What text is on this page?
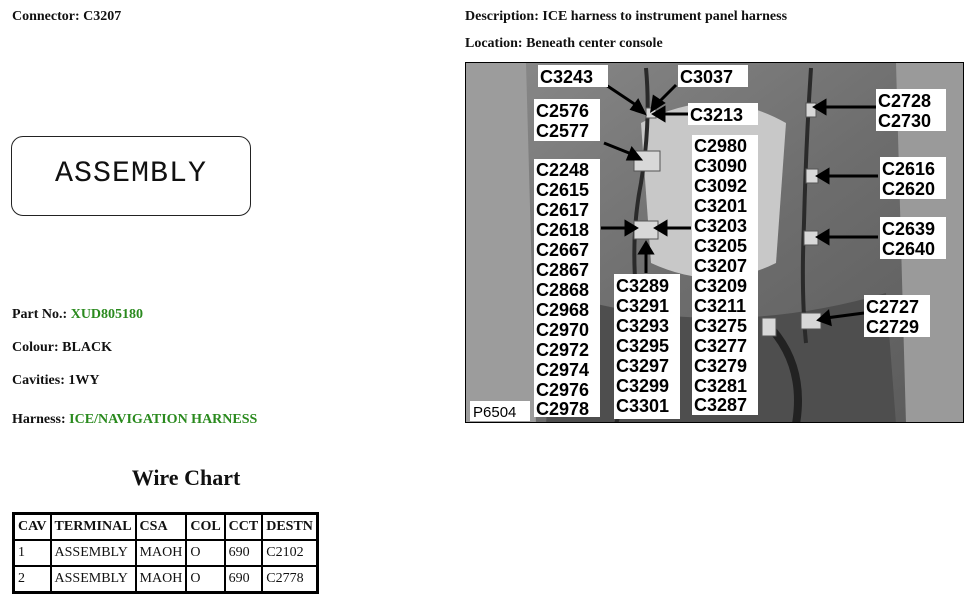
Connector: C3207
ASSEMBLY
Part No.: XUD805180
Colour: BLACK
Cavities: 1WY
Harness: ICE/NAVIGATION HARNESS
Wire Chart
CAV	TERMINAL	CSA	COL	CCT	DESTN
1	ASSEMBLY	MAOH	O	690	C2102
2	ASSEMBLY	MAOH	O	690	C2778
Description: ICE harness to instrument panel harness
Location: Beneath center console
C3243	C3037
C3213
C2576
C2577
C2248
C2615
C2617
C2618
C2667
C2867
C2868
C2968
C2970
C2972
C2974
C2976
C2978
C3289
C3291
C3293
C3295
C3297
C3299
C3301
C2980
C3090
C3092
C3201
C3203
C3205
C3207
C3209
C3211
C3275
C3277
C3279
C3281
C3287
C2728
C2730
C2616
C2620
C2639
C2640
C2727
C2729
P6504
